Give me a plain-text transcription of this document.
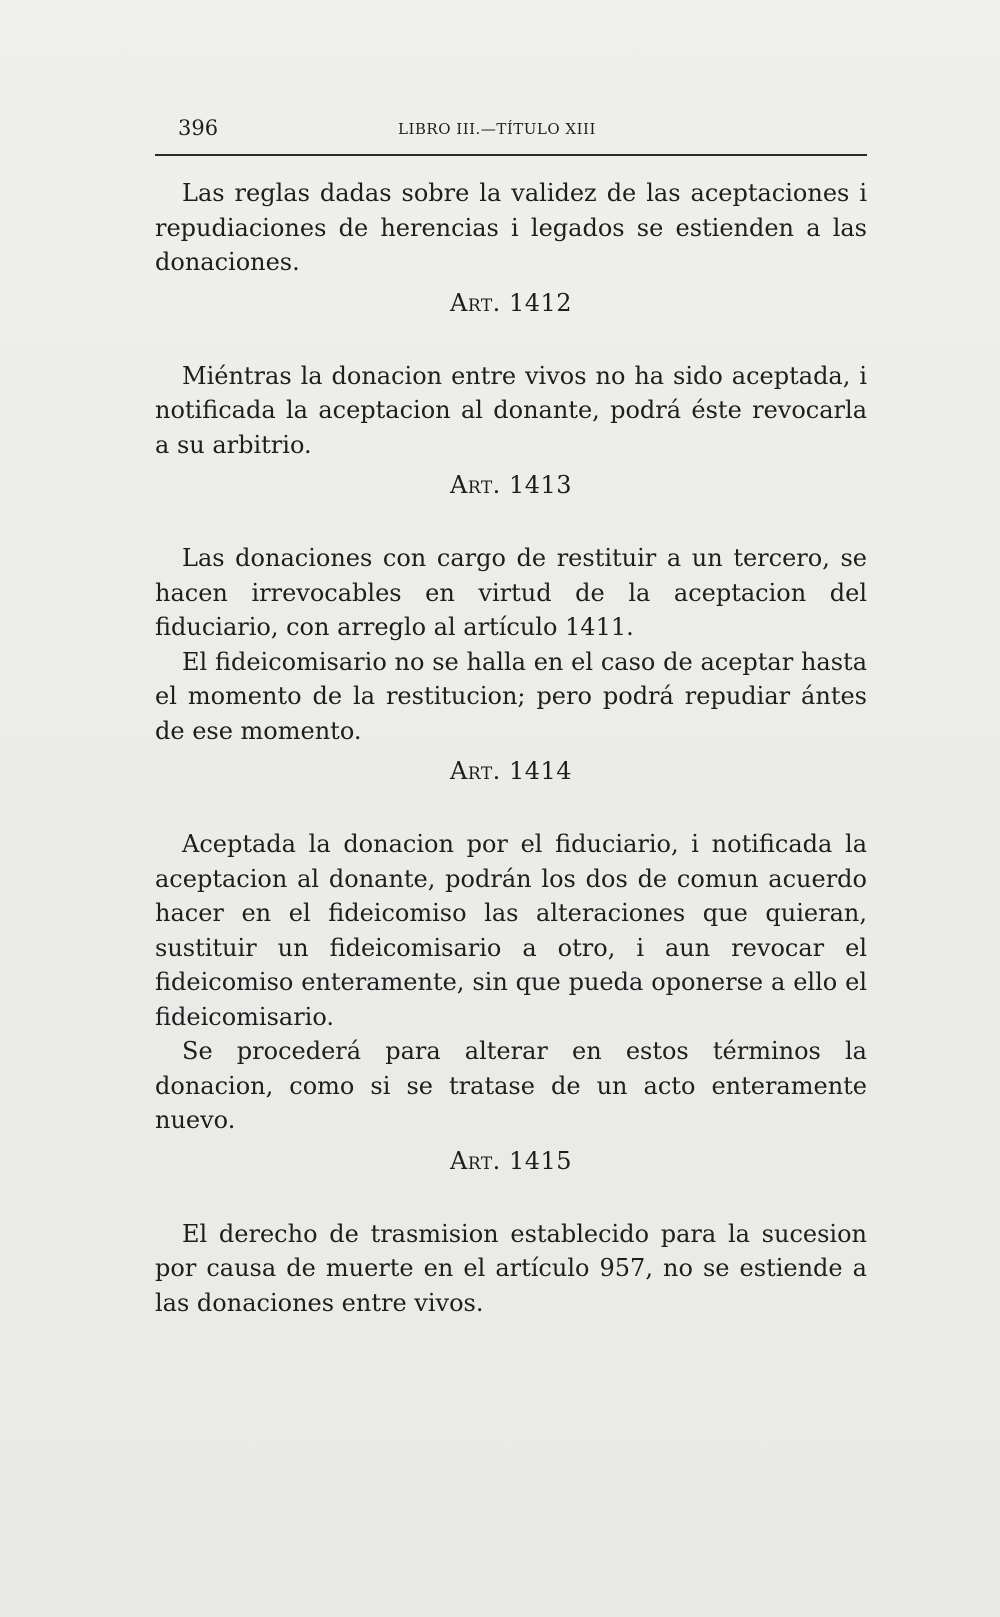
396	LIBRO III.—TÍTULO XIII

Las reglas dadas sobre la validez de las aceptaciones i repudiaciones de herencias i legados se estienden a las donaciones.

Art. 1412

Miéntras la donacion entre vivos no ha sido aceptada, i notificada la aceptacion al donante, podrá éste revocarla a su arbitrio.

Art. 1413

Las donaciones con cargo de restituir a un tercero, se hacen irrevocables en virtud de la aceptacion del fiduciario, con arreglo al artículo 1411.

El fideicomisario no se halla en el caso de aceptar hasta el momento de la restitucion; pero podrá repudiar ántes de ese momento.

Art. 1414

Aceptada la donacion por el fiduciario, i notificada la aceptacion al donante, podrán los dos de comun acuerdo hacer en el fideicomiso las alteraciones que quieran, sustituir un fideicomisario a otro, i aun revocar el fideicomiso enteramente, sin que pueda oponerse a ello el fideicomisario.

Se procederá para alterar en estos términos la donacion, como si se tratase de un acto enteramente nuevo.

Art. 1415

El derecho de trasmision establecido para la sucesion por causa de muerte en el artículo 957, no se estiende a las donaciones entre vivos.
